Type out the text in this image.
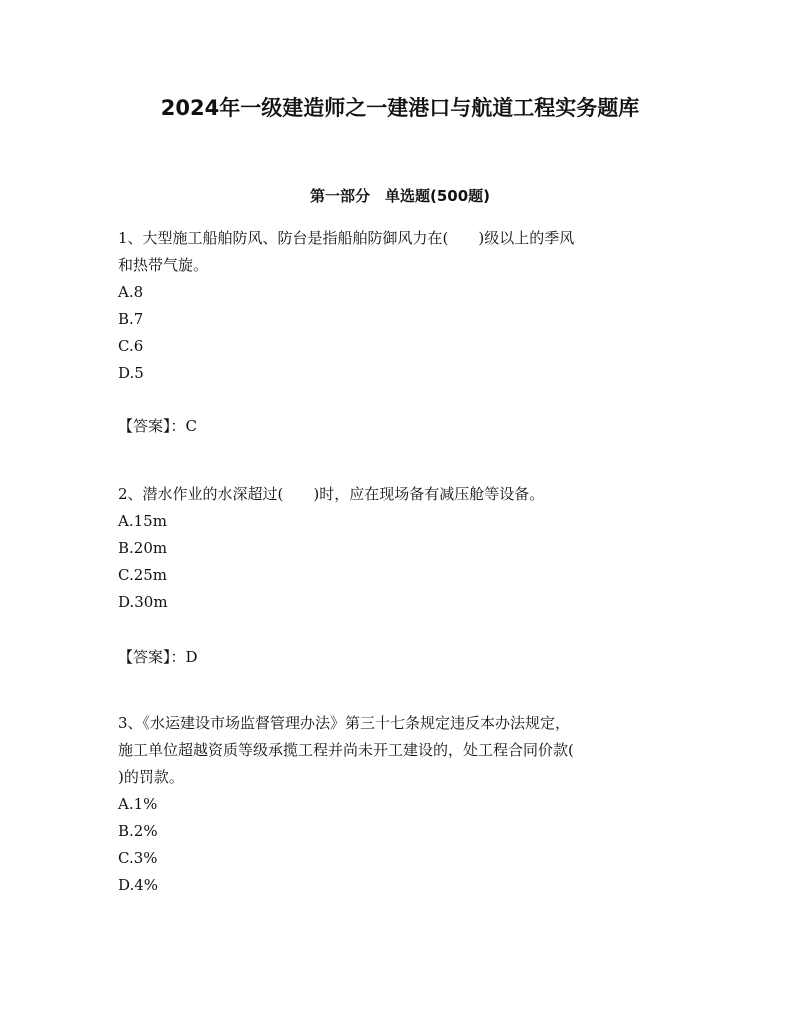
2024年一级建造师之一建港口与航道工程实务题库
第一部分　单选题(500题)

1、大型施工船舶防风、防台是指船舶防御风力在(　　)级以上的季风

和热带气旋。

A.8

B.7

C.6

D.5

【答案】：C

2、潜水作业的水深超过(　　)时，应在现场备有减压舱等设备。

A.15m

B.20m

C.25m

D.30m

【答案】：D

3、《水运建设市场监督管理办法》第三十七条规定违反本办法规定，

施工单位超越资质等级承揽工程并尚未开工建设的，处工程合同价款(

)的罚款。

A.1%

B.2%

C.3%

D.4%
